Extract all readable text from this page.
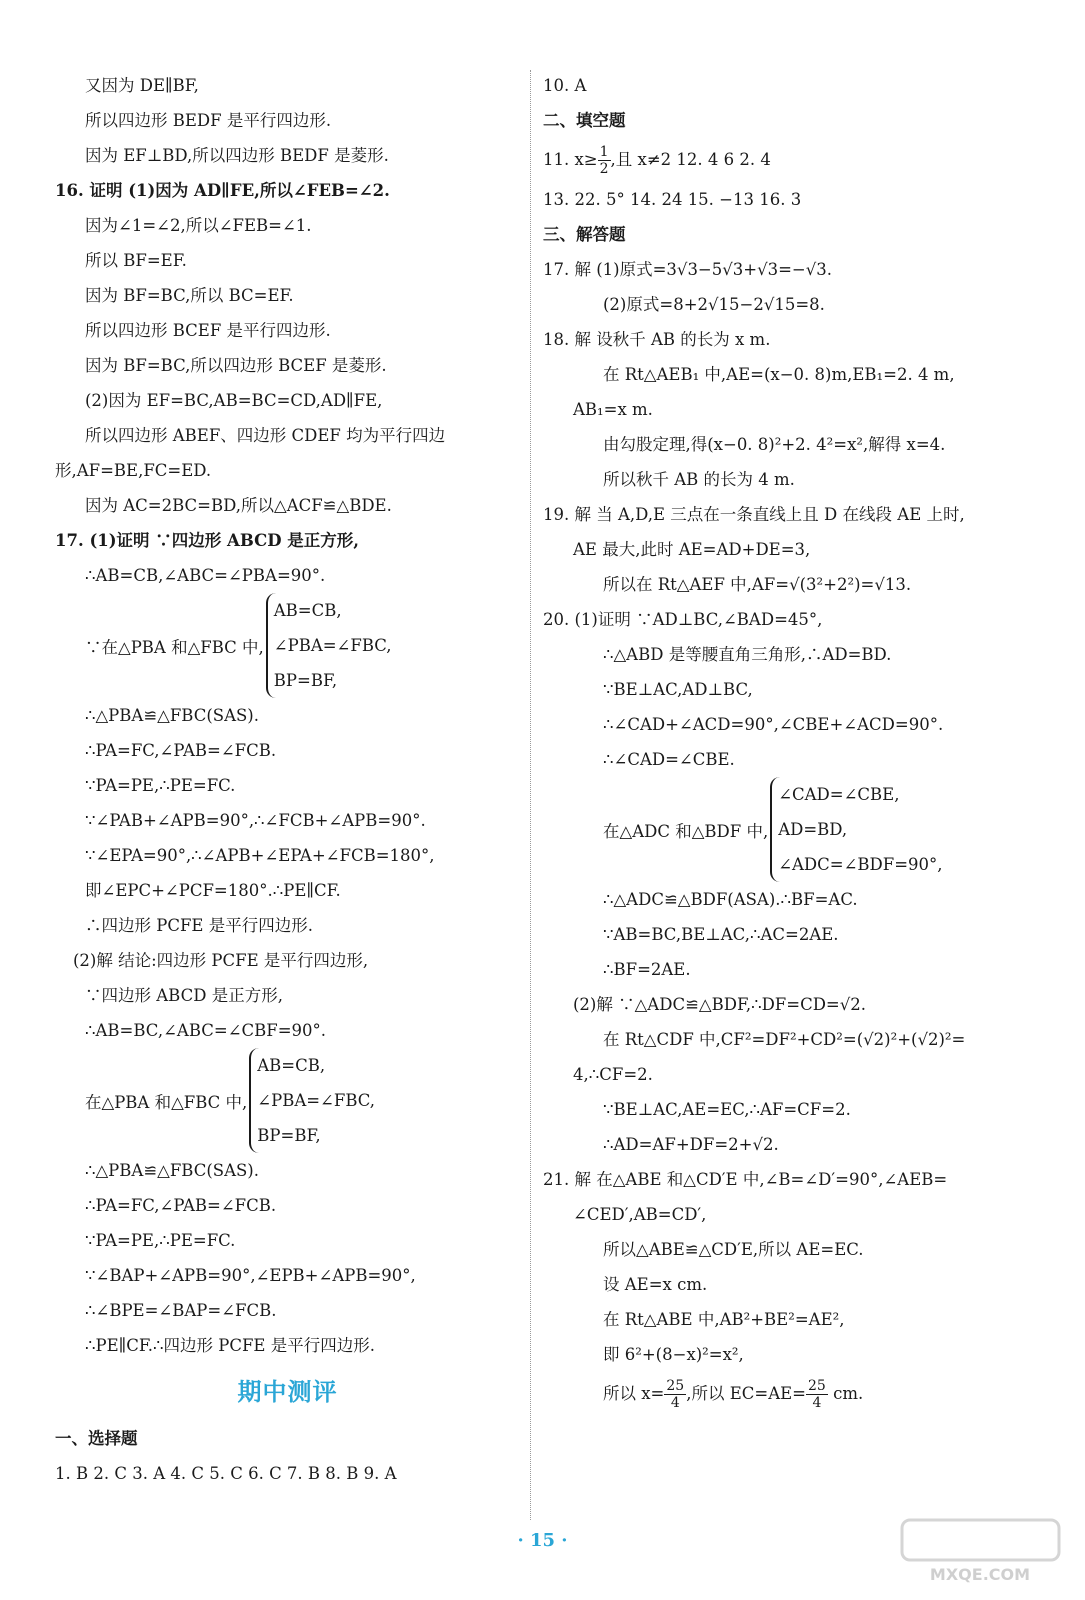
又因为 DE∥BF,
所以四边形 BEDF 是平行四边形.
因为 EF⊥BD,所以四边形 BEDF 是菱形.
16. 证明 (1)因为 AD∥FE,所以∠FEB=∠2.
因为∠1=∠2,所以∠FEB=∠1.
所以 BF=EF.
因为 BF=BC,所以 BC=EF.
所以四边形 BCEF 是平行四边形.
因为 BF=BC,所以四边形 BCEF 是菱形.
(2)因为 EF=BC,AB=BC=CD,AD∥FE,
所以四边形 ABEF、四边形 CDEF 均为平行四边
形,AF=BE,FC=ED.
因为 AC=2BC=BD,所以△ACF≌△BDE.
17. (1)证明 ∵四边形 ABCD 是正方形,
∴AB=CB,∠ABC=∠PBA=90°.
∵在△PBA 和△FBC 中,
AB=CB,
∠PBA=∠FBC,
BP=BF,
∴△PBA≌△FBC(SAS).
∴PA=FC,∠PAB=∠FCB.
∵PA=PE,∴PE=FC.
∵∠PAB+∠APB=90°,∴∠FCB+∠APB=90°.
∵∠EPA=90°,∴∠APB+∠EPA+∠FCB=180°,
即∠EPC+∠PCF=180°.∴PE∥CF.
∴四边形 PCFE 是平行四边形.
(2)解 结论:四边形 PCFE 是平行四边形,
∵四边形 ABCD 是正方形,
∴AB=BC,∠ABC=∠CBF=90°.
在△PBA 和△FBC 中,
AB=CB,
∠PBA=∠FBC,
BP=BF,
∴△PBA≌△FBC(SAS).
∴PA=FC,∠PAB=∠FCB.
∵PA=PE,∴PE=FC.
∵∠BAP+∠APB=90°,∠EPB+∠APB=90°,
∴∠BPE=∠BAP=∠FCB.
∴PE∥CF.∴四边形 PCFE 是平行四边形.
期中测评
一、选择题
1. B 2. C 3. A 4. C 5. C 6. C 7. B 8. B 9. A
10. A
二、填空题
11. $x\ge \frac{1}{2}$ ,且 x≠2 12. 4 6 2. 4
13. 22. 5° 14. 24 15. −13 16. 3
三、解答题
17. 解 (1)原式=3√3−5√3+√3=−√3.
(2)原式=8+2√15−2√15=8.
18. 解 设秋千 AB 的长为 x m.
在 Rt△AEB₁ 中,AE=(x−0. 8)m,EB₁=2. 4 m,
AB₁=x m.
由勾股定理,得(x−0. 8)²+2. 4²=x²,解得 x=4.
所以秋千 AB 的长为 4 m.
19. 解 当 A,D,E 三点在一条直线上且 D 在线段 AE 上时,
AE 最大,此时 AE=AD+DE=3,
所以在 Rt△AEF 中,AF=√(3²+2²)=√13.
20. (1)证明 ∵AD⊥BC,∠BAD=45°,
∴△ABD 是等腰直角三角形,∴AD=BD.
∵BE⊥AC,AD⊥BC,
∴∠CAD+∠ACD=90°,∠CBE+∠ACD=90°.
∴∠CAD=∠CBE.
在△ADC 和△BDF 中,
∠CAD=∠CBE,
AD=BD,
∠ADC=∠BDF=90°,
∴△ADC≌△BDF(ASA).∴BF=AC.
∵AB=BC,BE⊥AC,∴AC=2AE.
∴BF=2AE.
(2)解 ∵△ADC≌△BDF,∴DF=CD=√2.
在 Rt△CDF 中,CF²=DF²+CD²=(√2)²+(√2)²=
4,∴CF=2.
∵BE⊥AC,AE=EC,∴AF=CF=2.
∴AD=AF+DF=2+√2.
21. 解 在△ABE 和△CD′E 中,∠B=∠D′=90°,∠AEB=
∠CED′,AB=CD′,
所以△ABE≌△CD′E,所以 AE=EC.
设 AE=x cm.
在 Rt△ABE 中,AB²+BE²=AE²,
即 6²+(8−x)²=x²,
所以 $x= \frac{25}{4}$ ,所以 $EC=AE= \frac{25}{4}$ cm.
· 15 ·
MXQE.COM
